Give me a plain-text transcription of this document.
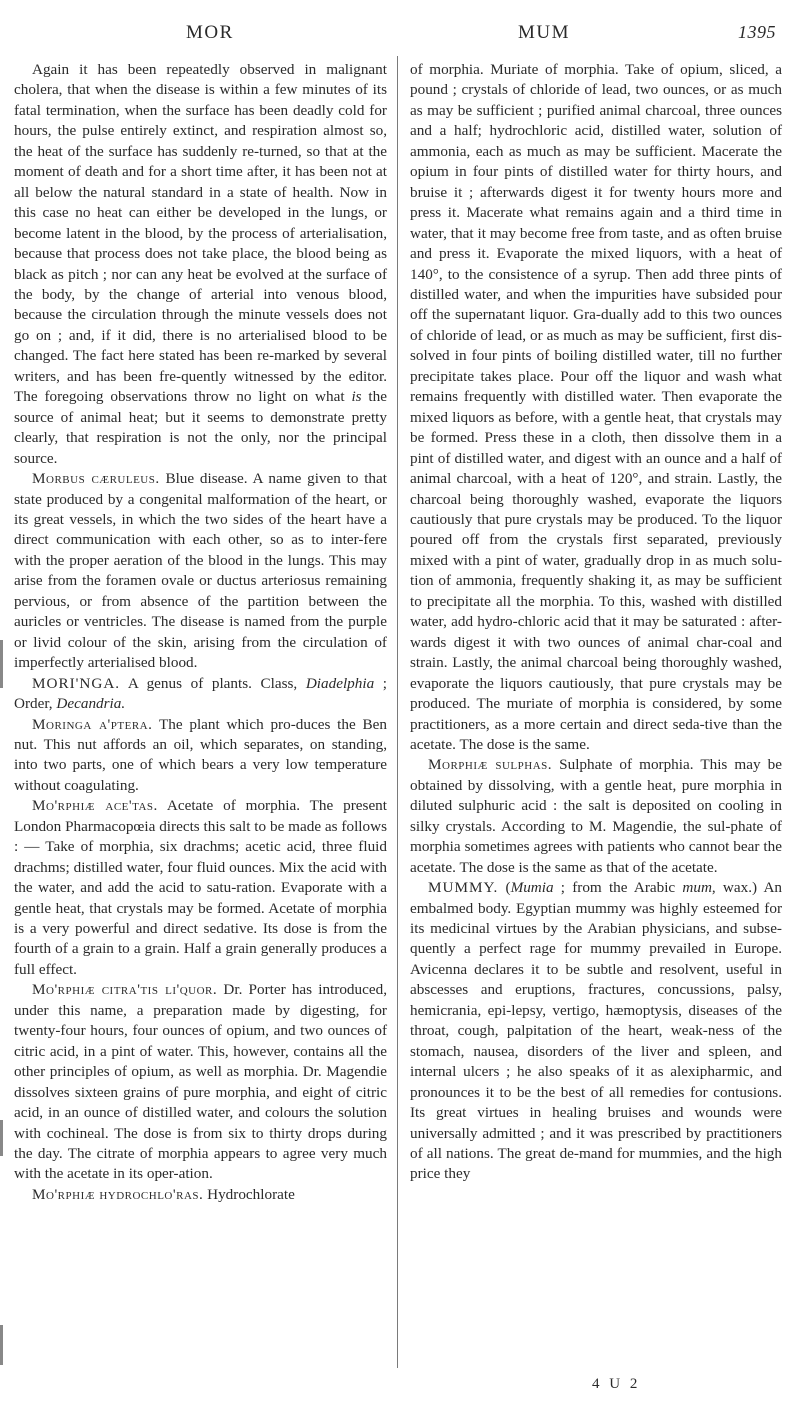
MOR	MUM	1395

Again it has been repeatedly observed in malignant cholera, that when the disease is within a few minutes of its fatal termination, when the surface has been deadly cold for hours, the pulse entirely extinct, and respiration almost so, the heat of the surface has suddenly re-turned, so that at the moment of death and for a short time after, it has been not at all below the natural standard in a state of health. Now in this case no heat can either be developed in the lungs, or become latent in the blood, by the process of arterialisation, because that process does not take place, the blood being as black as pitch ; nor can any heat be evolved at the surface of the body, by the change of arterial into venous blood, because the circulation through the minute vessels does not go on ; and, if it did, there is no arterialised blood to be changed. The fact here stated has been re-marked by several writers, and has been fre-quently witnessed by the editor. The foregoing observations throw no light on what is the source of animal heat; but it seems to demonstrate pretty clearly, that respiration is not the only, nor the principal source.

Morbus cæruleus. Blue disease. A name given to that state produced by a congenital malformation of the heart, or its great vessels, in which the two sides of the heart have a direct communication with each other, so as to inter-fere with the proper aeration of the blood in the lungs. This may arise from the foramen ovale or ductus arteriosus remaining pervious, or from absence of the partition between the auricles or ventricles. The disease is named from the purple or livid colour of the skin, arising from the circulation of imperfectly arterialised blood.

MORI'NGA. A genus of plants. Class, Diadelphia ; Order, Decandria.

Moringa a'ptera. The plant which pro-duces the Ben nut. This nut affords an oil, which separates, on standing, into two parts, one of which bears a very low temperature without coagulating.

Mo'rphiæ ace'tas. Acetate of morphia. The present London Pharmacopœia directs this salt to be made as follows : — Take of morphia, six drachms; acetic acid, three fluid drachms; distilled water, four fluid ounces. Mix the acid with the water, and add the acid to satu-ration. Evaporate with a gentle heat, that crystals may be formed. Acetate of morphia is a very powerful and direct sedative. Its dose is from the fourth of a grain to a grain. Half a grain generally produces a full effect.

Mo'rphiæ citra'tis li'quor. Dr. Porter has introduced, under this name, a preparation made by digesting, for twenty-four hours, four ounces of opium, and two ounces of citric acid, in a pint of water. This, however, contains all the other principles of opium, as well as morphia. Dr. Magendie dissolves sixteen grains of pure morphia, and eight of citric acid, in an ounce of distilled water, and colours the solution with cochineal. The dose is from six to thirty drops during the day. The citrate of morphia appears to agree very much with the acetate in its oper-ation.

Mo'rphiæ hydrochlo'ras. Hydrochlorate

of morphia. Muriate of morphia. Take of opium, sliced, a pound ; crystals of chloride of lead, two ounces, or as much as may be sufficient ; purified animal charcoal, three ounces and a half; hydrochloric acid, distilled water, solution of ammonia, each as much as may be sufficient. Macerate the opium in four pints of distilled water for thirty hours, and bruise it ; afterwards digest it for twenty hours more and press it. Macerate what remains again and a third time in water, that it may become free from taste, and as often bruise and press it. Evaporate the mixed liquors, with a heat of 140°, to the consistence of a syrup. Then add three pints of distilled water, and when the impurities have subsided pour off the supernatant liquor. Gra-dually add to this two ounces of chloride of lead, or as much as may be sufficient, first dis-solved in four pints of boiling distilled water, till no further precipitate takes place. Pour off the liquor and wash what remains frequently with distilled water. Then evaporate the mixed liquors as before, with a gentle heat, that crystals may be formed. Press these in a cloth, then dissolve them in a pint of distilled water, and digest with an ounce and a half of animal charcoal, with a heat of 120°, and strain. Lastly, the charcoal being thoroughly washed, evaporate the liquors cautiously that pure crystals may be produced. To the liquor poured off from the crystals first separated, previously mixed with a pint of water, gradually drop in as much solu-tion of ammonia, frequently shaking it, as may be sufficient to precipitate all the morphia. To this, washed with distilled water, add hydro-chloric acid that it may be saturated : after-wards digest it with two ounces of animal char-coal and strain. Lastly, the animal charcoal being thoroughly washed, evaporate the liquors cautiously, that pure crystals may be produced. The muriate of morphia is considered, by some practitioners, as a more certain and direct seda-tive than the acetate. The dose is the same.

Morphiæ sulphas. Sulphate of morphia. This may be obtained by dissolving, with a gentle heat, pure morphia in diluted sulphuric acid : the salt is deposited on cooling in silky crystals. According to M. Magendie, the sul-phate of morphia sometimes agrees with patients who cannot bear the acetate. The dose is the same as that of the acetate.

MUMMY. (Mumia ; from the Arabic mum, wax.) An embalmed body. Egyptian mummy was highly esteemed for its medicinal virtues by the Arabian physicians, and subse-quently a perfect rage for mummy prevailed in Europe. Avicenna declares it to be subtle and resolvent, useful in abscesses and eruptions, fractures, concussions, palsy, hemicrania, epi-lepsy, vertigo, hæmoptysis, diseases of the throat, cough, palpitation of the heart, weak-ness of the stomach, nausea, disorders of the liver and spleen, and internal ulcers ; he also speaks of it as alexipharmic, and pronounces it to be the best of all remedies for contusions. Its great virtues in healing bruises and wounds were universally admitted ; and it was prescribed by practitioners of all nations. The great de-mand for mummies, and the high price they

4 U 2
